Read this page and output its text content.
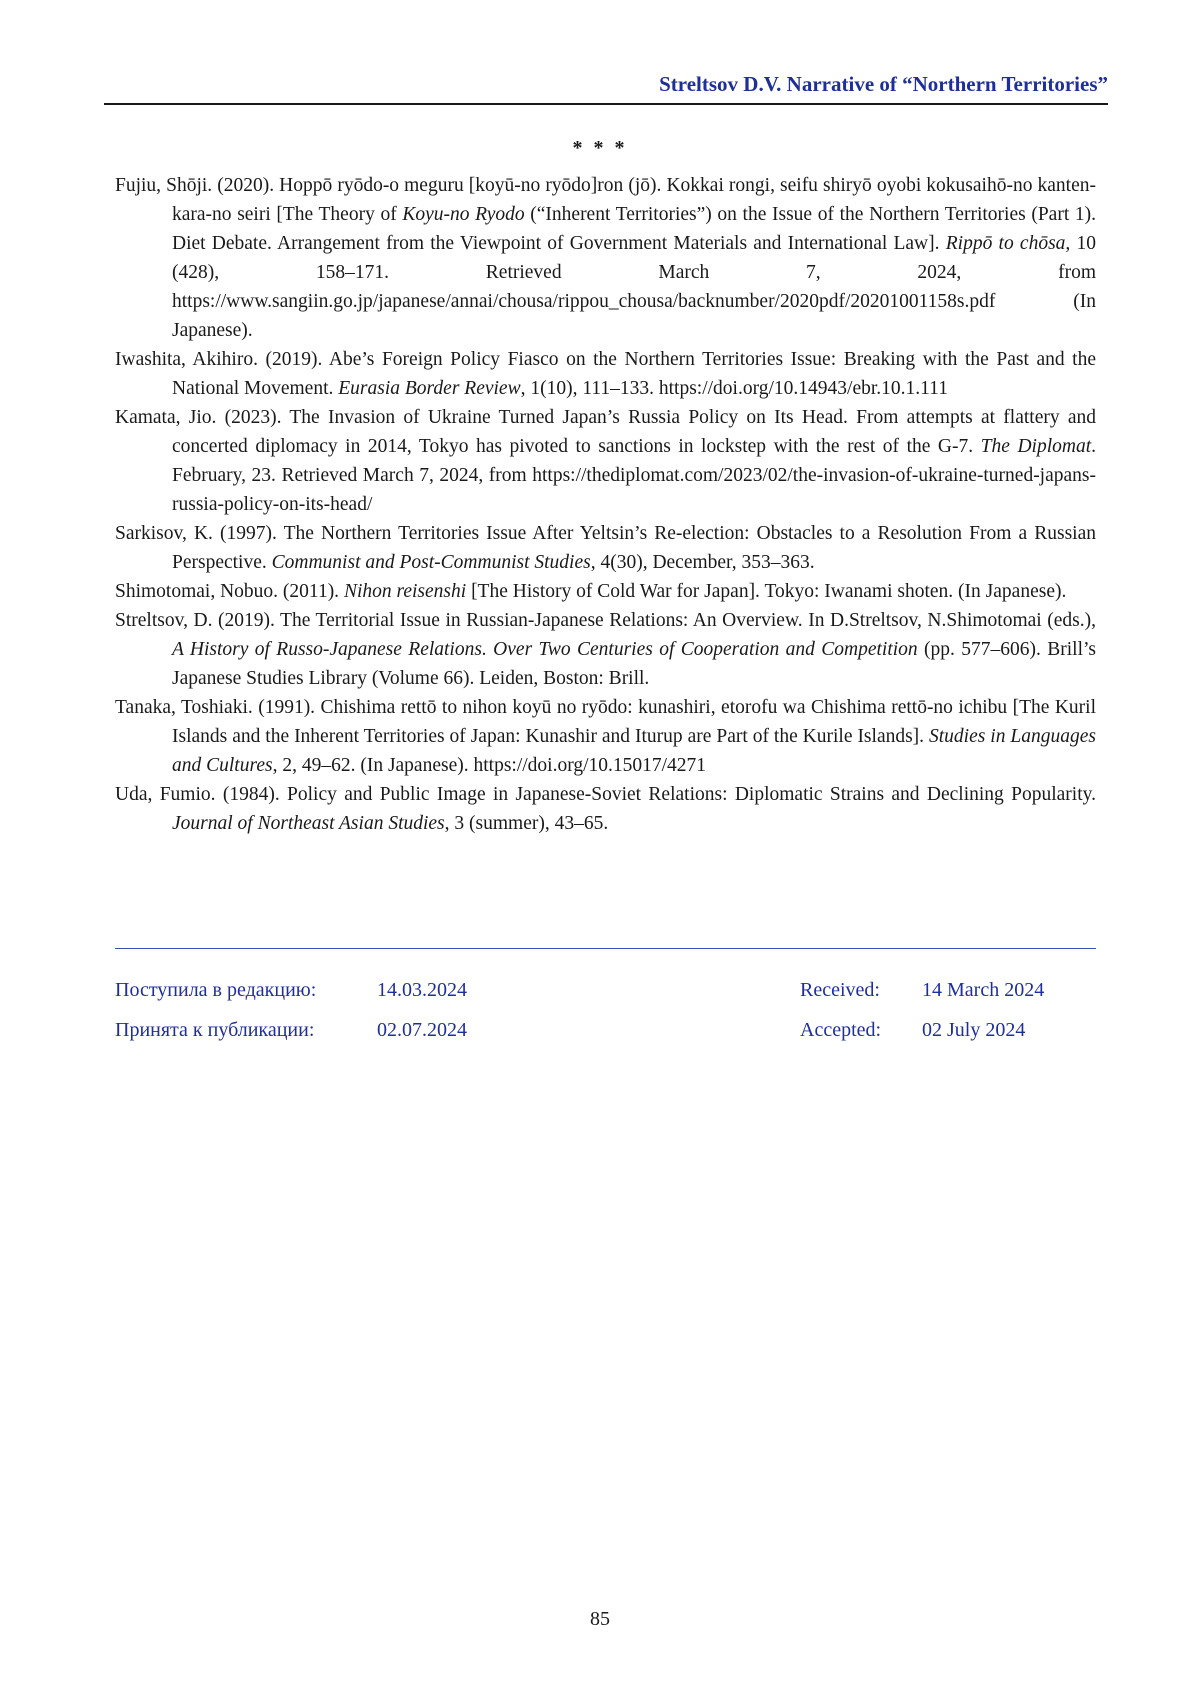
Streltsov D.V. Narrative of “Northern Territories”
* * *

Fujiu, Shōji. (2020). Hoppō ryōdo-o meguru [koyū-no ryōdo]ron (jō). Kokkai rongi, seifu shiryō oyobi kokusaihō-no kanten-kara-no seiri [The Theory of Koyu-no Ryodo (“Inherent Territories”) on the Issue of the Northern Territories (Part 1). Diet Debate. Arrangement from the Viewpoint of Government Materials and International Law]. Rippō to chōsa, 10 (428), 158–171. Retrieved March 7, 2024, from https://www.sangiin.go.jp/japanese/annai/chousa/rippou_chousa/backnumber/2020pdf/20201001158s.pdf (In Japanese).

Iwashita, Akihiro. (2019). Abe’s Foreign Policy Fiasco on the Northern Territories Issue: Breaking with the Past and the National Movement. Eurasia Border Review, 1(10), 111–133. https://doi.org/10.14943/ebr.10.1.111

Kamata, Jio. (2023). The Invasion of Ukraine Turned Japan’s Russia Policy on Its Head. From attempts at flattery and concerted diplomacy in 2014, Tokyo has pivoted to sanctions in lockstep with the rest of the G-7. The Diplomat. February, 23. Retrieved March 7, 2024, from https://thediplomat.com/2023/02/the-invasion-of-ukraine-turned-japans-russia-policy-on-its-head/

Sarkisov, K. (1997). The Northern Territories Issue After Yeltsin’s Re-election: Obstacles to a Resolution From a Russian Perspective. Communist and Post-Communist Studies, 4(30), December, 353–363.

Shimotomai, Nobuo. (2011). Nihon reisenshi [The History of Cold War for Japan]. Tokyo: Iwanami shoten. (In Japanese).

Streltsov, D. (2019). The Territorial Issue in Russian-Japanese Relations: An Overview. In D.Streltsov, N.Shimotomai (eds.), A History of Russo-Japanese Relations. Over Two Centuries of Cooperation and Competition (pp. 577–606). Brill’s Japanese Studies Library (Volume 66). Leiden, Boston: Brill.

Tanaka, Toshiaki. (1991). Chishima rettō to nihon koyū no ryōdo: kunashiri, etorofu wa Chishima rettō-no ichibu [The Kuril Islands and the Inherent Territories of Japan: Kunashir and Iturup are Part of the Kurile Islands]. Studies in Languages and Cultures, 2, 49–62. (In Japanese). https://doi.org/10.15017/4271

Uda, Fumio. (1984). Policy and Public Image in Japanese-Soviet Relations: Diplomatic Strains and Declining Popularity. Journal of Northeast Asian Studies, 3 (summer), 43–65.

Поступила в редакцию:	14.03.2024
Принята к публикации:	02.07.2024
Received: 14 March 2024
Accepted: 02 July 2024
85
